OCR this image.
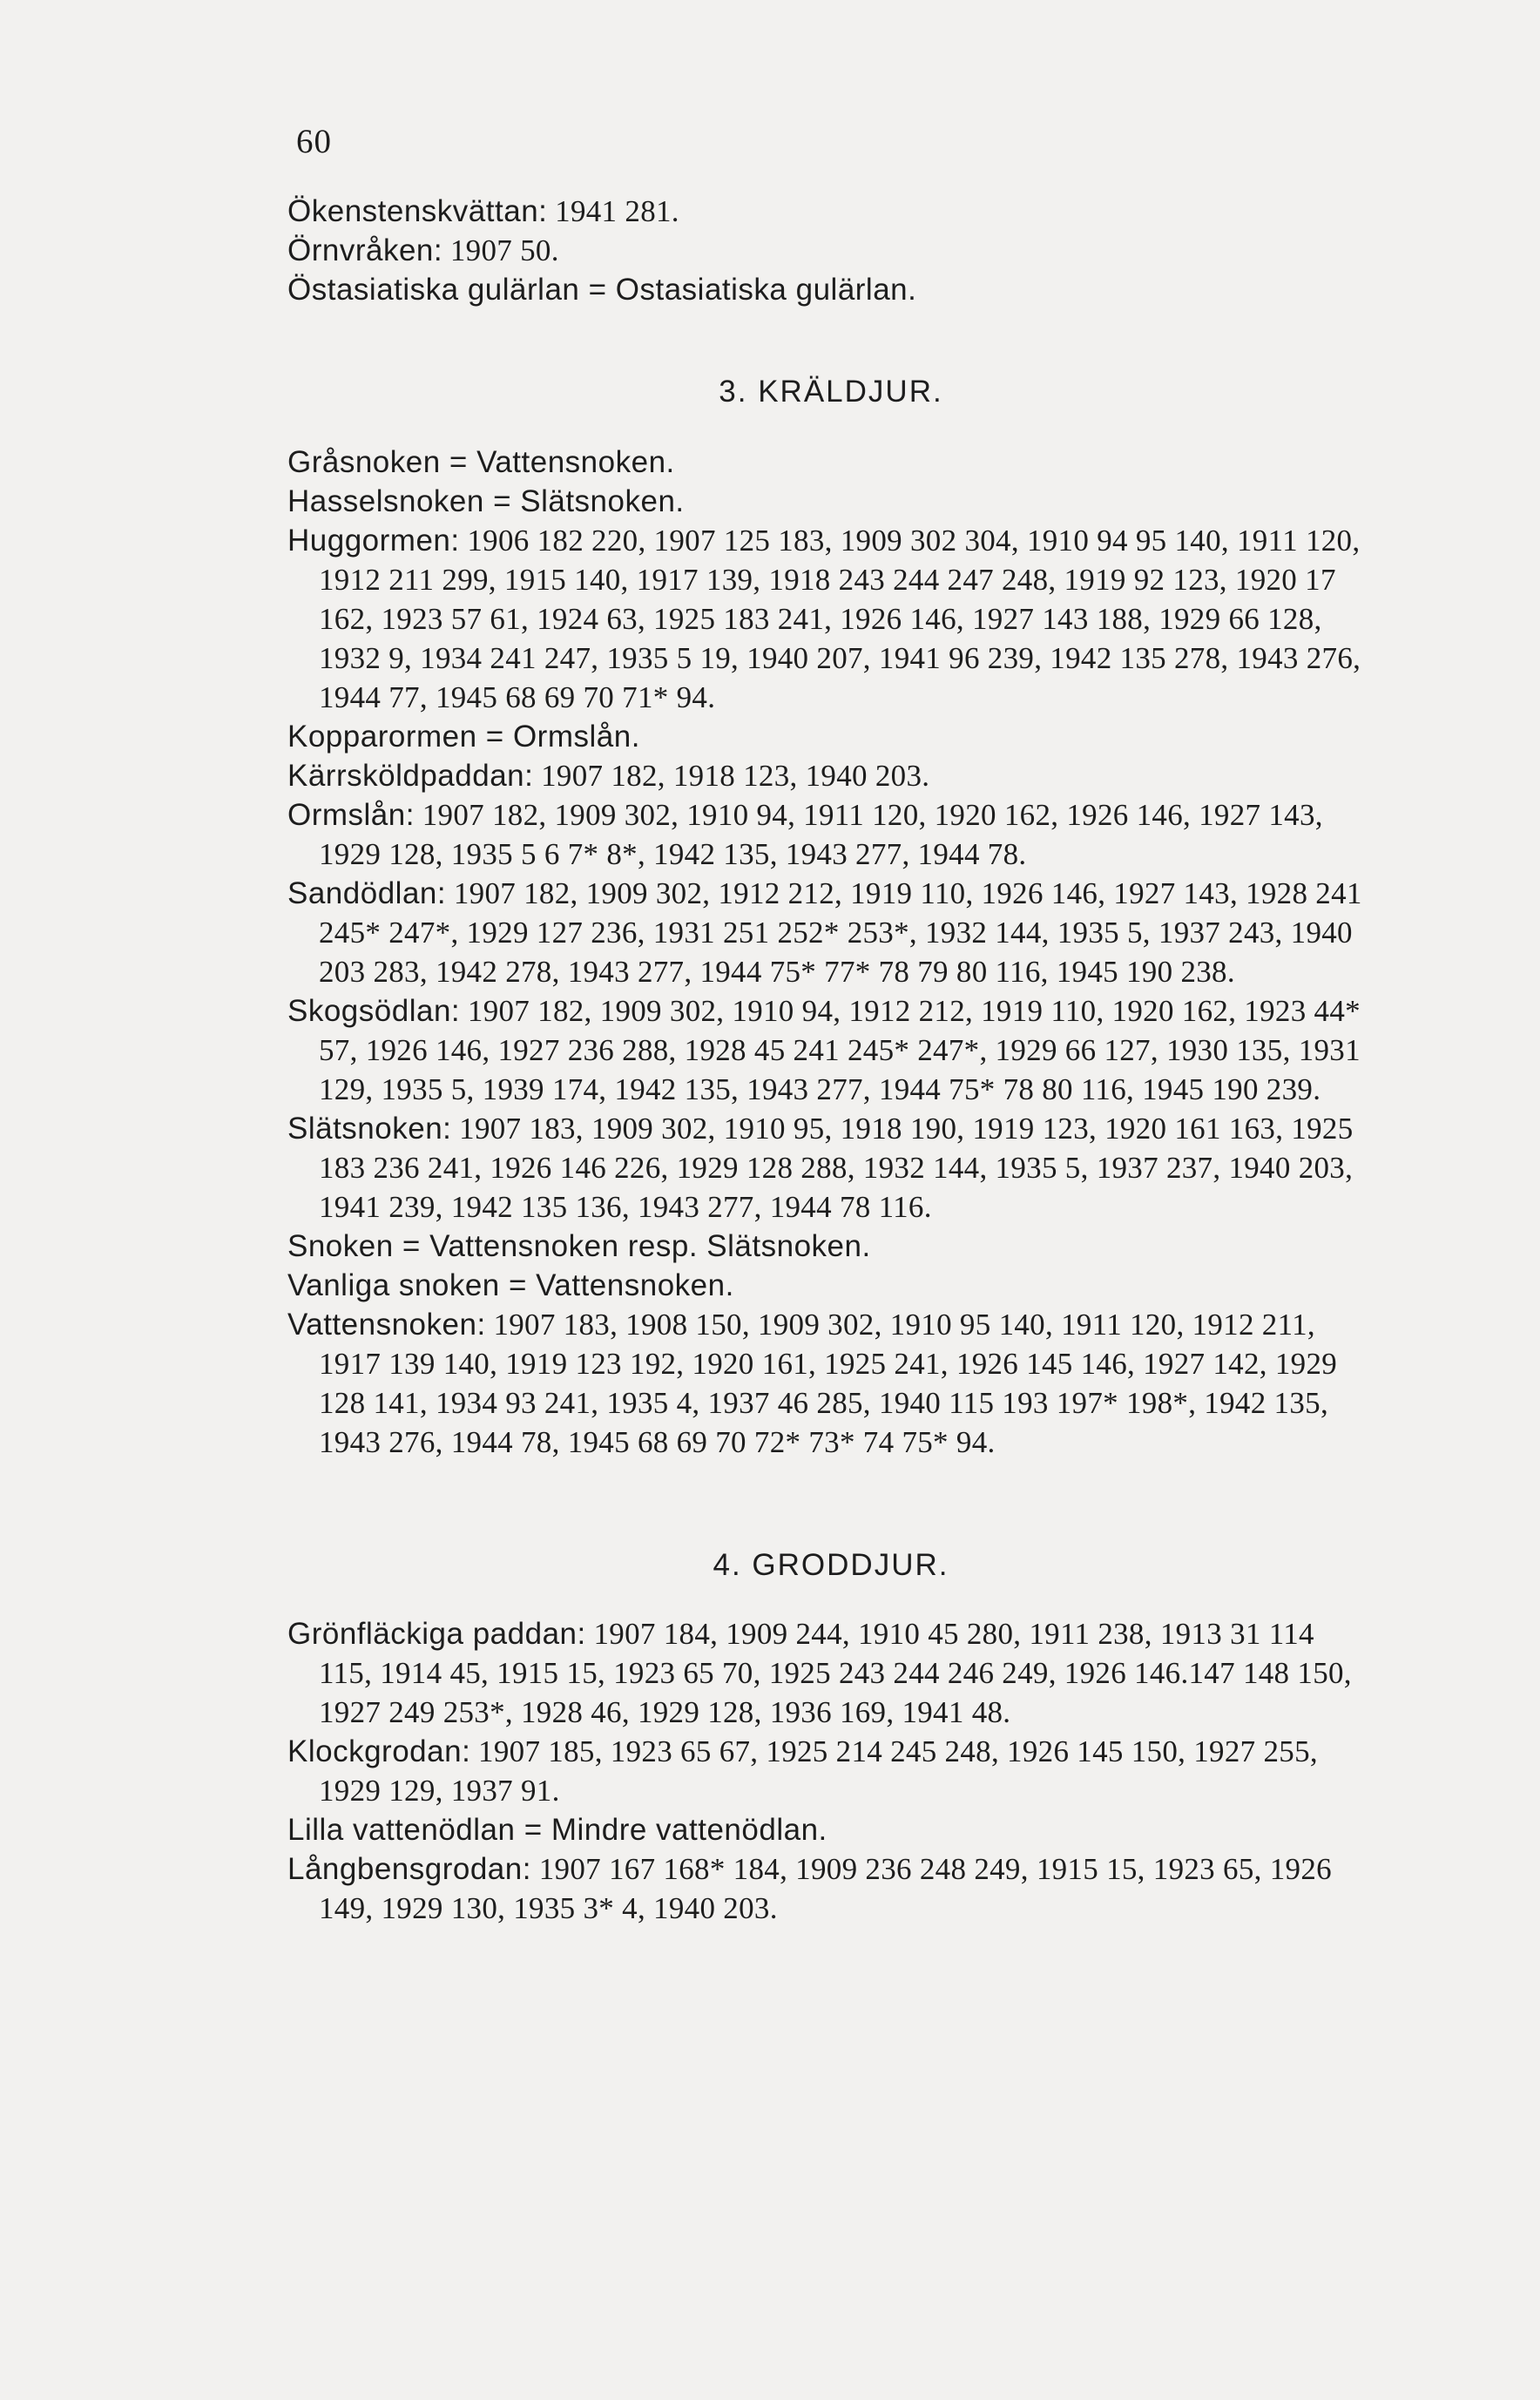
60

Ökenstenskvättan: 1941 281.

Örnvråken: 1907 50.

Östasiatiska gulärlan = Ostasiatiska gulärlan.

3. KRÄLDJUR.

Gråsnoken = Vattensnoken.

Hasselsnoken = Slätsnoken.

Huggormen: 1906 182 220, 1907 125 183, 1909 302 304, 1910 94 95 140, 1911 120, 1912 211 299, 1915 140, 1917 139, 1918 243 244 247 248, 1919 92 123, 1920 17 162, 1923 57 61, 1924 63, 1925 183 241, 1926 146, 1927 143 188, 1929 66 128, 1932 9, 1934 241 247, 1935 5 19, 1940 207, 1941 96 239, 1942 135 278, 1943 276, 1944 77, 1945 68 69 70 71* 94.

Kopparormen = Ormslån.

Kärrsköldpaddan: 1907 182, 1918 123, 1940 203.

Ormslån: 1907 182, 1909 302, 1910 94, 1911 120, 1920 162, 1926 146, 1927 143, 1929 128, 1935 5 6 7* 8*, 1942 135, 1943 277, 1944 78.

Sandödlan: 1907 182, 1909 302, 1912 212, 1919 110, 1926 146, 1927 143, 1928 241 245* 247*, 1929 127 236, 1931 251 252* 253*, 1932 144, 1935 5, 1937 243, 1940 203 283, 1942 278, 1943 277, 1944 75* 77* 78 79 80 116, 1945 190 238.

Skogsödlan: 1907 182, 1909 302, 1910 94, 1912 212, 1919 110, 1920 162, 1923 44* 57, 1926 146, 1927 236 288, 1928 45 241 245* 247*, 1929 66 127, 1930 135, 1931 129, 1935 5, 1939 174, 1942 135, 1943 277, 1944 75* 78 80 116, 1945 190 239.

Slätsnoken: 1907 183, 1909 302, 1910 95, 1918 190, 1919 123, 1920 161 163, 1925 183 236 241, 1926 146 226, 1929 128 288, 1932 144, 1935 5, 1937 237, 1940 203, 1941 239, 1942 135 136, 1943 277, 1944 78 116.

Snoken = Vattensnoken resp. Slätsnoken.

Vanliga snoken = Vattensnoken.

Vattensnoken: 1907 183, 1908 150, 1909 302, 1910 95 140, 1911 120, 1912 211, 1917 139 140, 1919 123 192, 1920 161, 1925 241, 1926 145 146, 1927 142, 1929 128 141, 1934 93 241, 1935 4, 1937 46 285, 1940 115 193 197* 198*, 1942 135, 1943 276, 1944 78, 1945 68 69 70 72* 73* 74 75* 94.

4. GRODDJUR.

Grönfläckiga paddan: 1907 184, 1909 244, 1910 45 280, 1911 238, 1913 31 114 115, 1914 45, 1915 15, 1923 65 70, 1925 243 244 246 249, 1926 146.147 148 150, 1927 249 253*, 1928 46, 1929 128, 1936 169, 1941 48.

Klockgrodan: 1907 185, 1923 65 67, 1925 214 245 248, 1926 145 150, 1927 255, 1929 129, 1937 91.

Lilla vattenödlan = Mindre vattenödlan.

Långbensgrodan: 1907 167 168* 184, 1909 236 248 249, 1915 15, 1923 65, 1926 149, 1929 130, 1935 3* 4, 1940 203.
